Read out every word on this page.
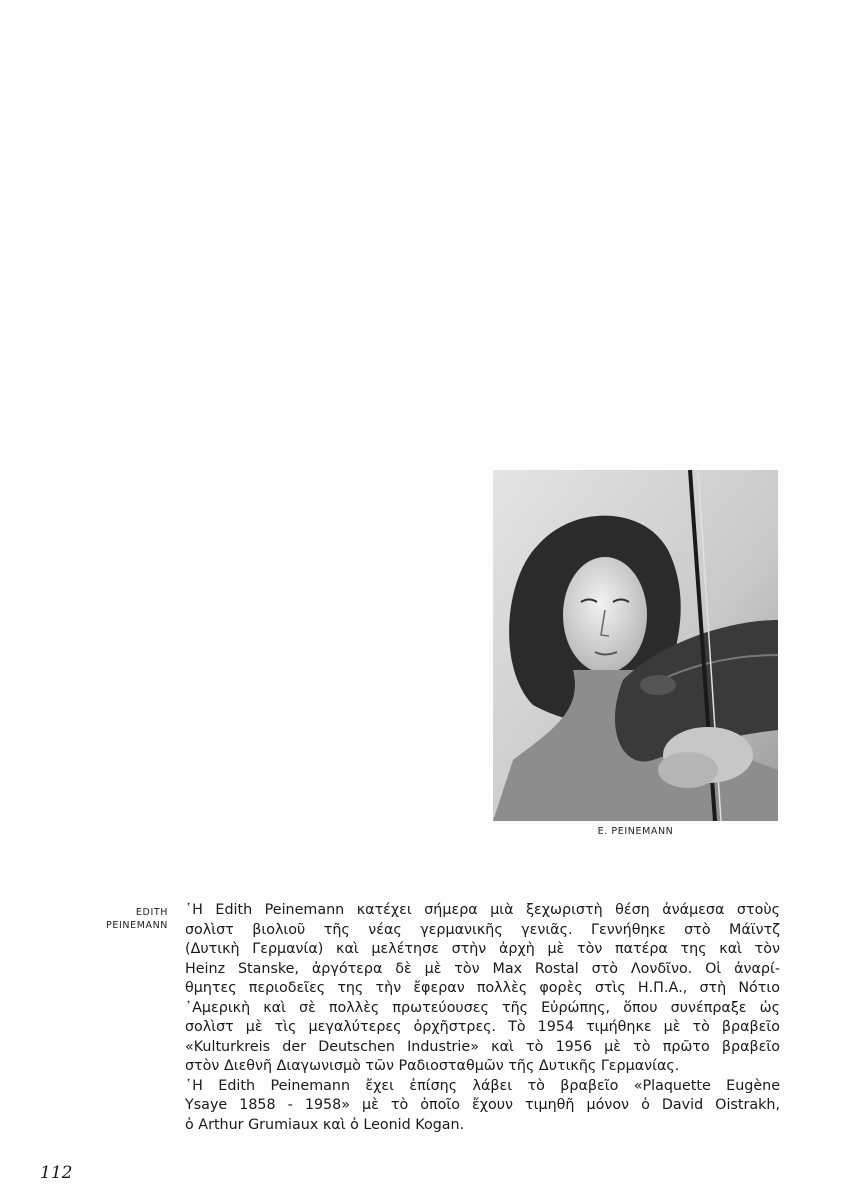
E. PEINEMANN
EDITH
PEINEMANN
῾Η Edith Peinemann κατέχει σήμερα μιὰ ξεχωριστὴ θέση ἀνάμεσα στοὺς
σολὶστ βιολιοῦ τῆς νέας γερμανικῆς γενιᾶς. Γεννήθηκε στὸ Μάϊντζ
(Δυτικὴ Γερμανία) καὶ μελέτησε στὴν ἀρχὴ μὲ τὸν πατέρα της καὶ τὸν
Heinz Stanske, ἀργότερα δὲ μὲ τὸν Max Rostal στὸ Λονδῖνο. Οἱ ἀναρί-
θμητες περιοδεῖες της τὴν ἔφεραν πολλὲς φορὲς στὶς Η.Π.Α., στὴ Νότιο
᾿Αμερικὴ καὶ σὲ πολλὲς πρωτεύουσες τῆς Εὐρώπης, ὅπου συνέπραξε ὡς
σολὶστ μὲ τὶς μεγαλύτερες ὀρχῆστρες. Τὸ 1954 τιμήθηκε μὲ τὸ βραβεῖο
«Kulturkreis der Deutschen Industrie» καὶ τὸ 1956 μὲ τὸ πρῶτο βραβεῖο
στὸν Διεθνῆ Διαγωνισμὸ τῶν Ραδιοσταθμῶν τῆς Δυτικῆς Γερμανίας.
῾Η Edith Peinemann ἔχει ἐπίσης λάβει τὸ βραβεῖο «Plaquette Eugène
Ysaye 1858 - 1958» μὲ τὸ ὁποῖο ἔχουν τιμηθῆ μόνον ὁ David Oistrakh,
ὁ Arthur Grumiaux καὶ ὁ Leonid Kogan.
112
